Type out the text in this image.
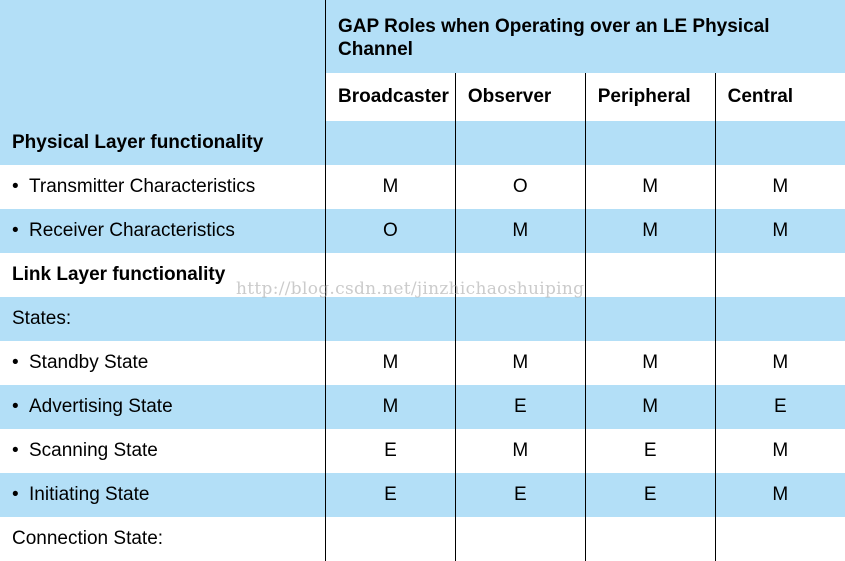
	GAP Roles when Operating over an LE Physical Channel			
	Broadcaster	Observer	Peripheral	Central
Physical Layer functionality				
• Transmitter Characteristics	M	O	M	M
• Receiver Characteristics	O	M	M	M
Link Layer functionality				
States:				
• Standby State	M	M	M	M
• Advertising State	M	E	M	E
• Scanning State	E	M	E	M
• Initiating State	E	E	E	M
Connection State:				
http://blog.csdn.net/jinzhichaoshuiping
